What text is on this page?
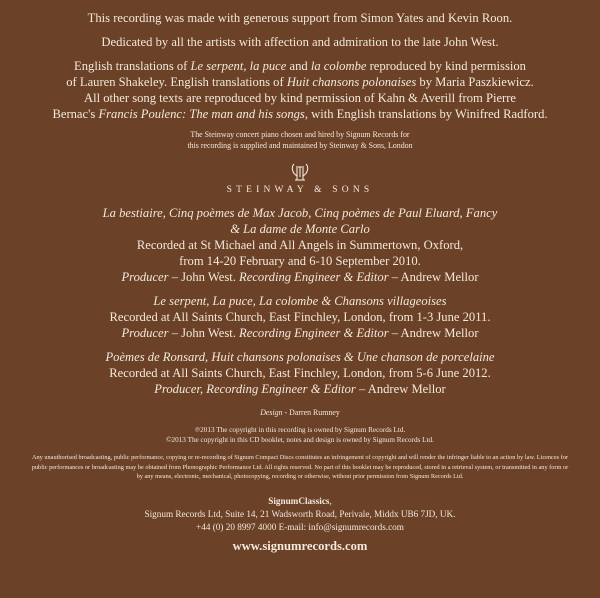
This recording was made with generous support from Simon Yates and Kevin Roon.

Dedicated by all the artists with affection and admiration to the late John West.

English translations of Le serpent, la puce and la colombe reproduced by kind permission

of Lauren Shakeley. English translations of Huit chansons polonaises by Maria Paszkiewicz.

All other song texts are reproduced by kind permission of Kahn & Averill from Pierre

Bernac's Francis Poulenc: The man and his songs, with English translations by Winifred Radford.

The Steinway concert piano chosen and hired by Signum Records for

this recording is supplied and maintained by Steinway & Sons, London

STEINWAY & SONS

La bestiaire, Cinq poèmes de Max Jacob, Cinq poèmes de Paul Eluard, Fancy

& La dame de Monte Carlo

Recorded at St Michael and All Angels in Summertown, Oxford,

from 14-20 February and 6-10 September 2010.

Producer – John West. Recording Engineer & Editor – Andrew Mellor

Le serpent, La puce, La colombe & Chansons villageoises

Recorded at All Saints Church, East Finchley, London, from 1-3 June 2011.

Producer – John West. Recording Engineer & Editor – Andrew Mellor

Poèmes de Ronsard, Huit chansons polonaises & Une chanson de porcelaine

Recorded at All Saints Church, East Finchley, London, from 5-6 June 2012.

Producer, Recording Engineer & Editor – Andrew Mellor

Design - Darren Rumney

℗2013 The copyright in this recording is owned by Signum Records Ltd.

©2013 The copyright in this CD booklet, notes and design is owned by Signum Records Ltd.

Any unauthorised broadcasting, public performance, copying or re-recording of Signum Compact Discs constitutes an infringement of copyright and will render the infringer liable to an action by law. Licences for public performances or broadcasting may be obtained from Phonographic Performance Ltd. All rights reserved. No part of this booklet may be reproduced, stored in a retrieval system, or transmitted in any form or by any means, electronic, mechanical, photocopying, recording or otherwise, without prior permission from Signum Records Ltd.

SignumClassics,

Signum Records Ltd, Suite 14, 21 Wadsworth Road, Perivale, Middx UB6 7JD, UK.

+44 (0) 20 8997 4000 E-mail: info@signumrecords.com

www.signumrecords.com
